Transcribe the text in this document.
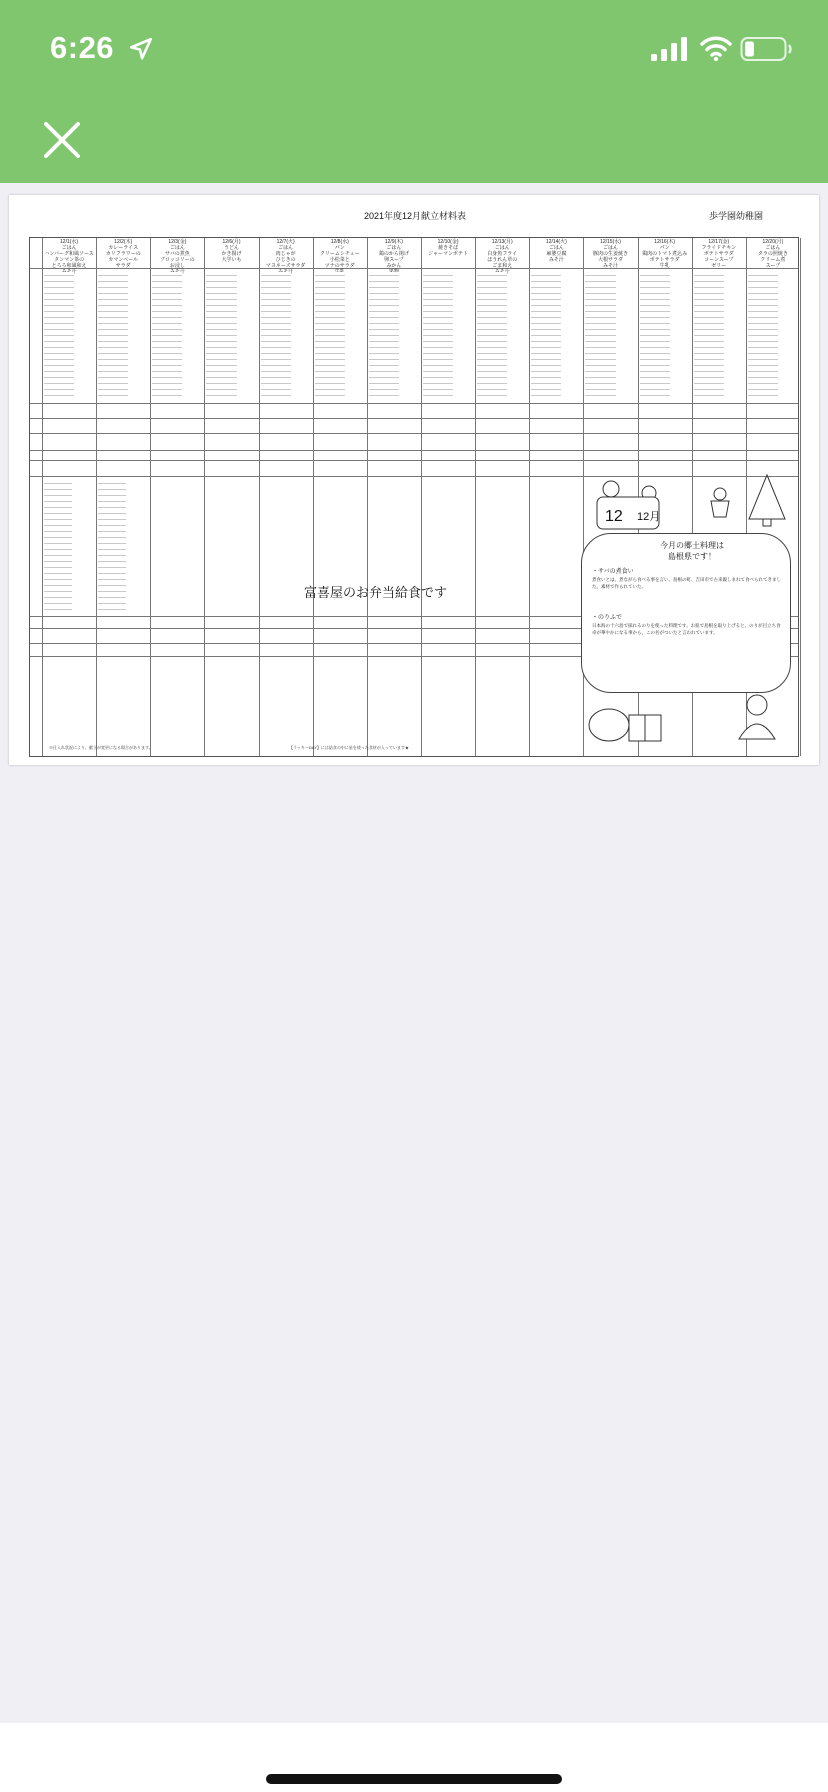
6:26
2021年度12月献立材料表	歩学園幼稚園
12/1(水)
ごはん
ハンバーグ和風ソース
タンマン茶の
とろろ和風和え

12/2(木)
カレーライス
カリフラワーの
カマンベール
サラダ
12/3(金)
ごはん
サバの煮魚
ブロッコリーの
お浸し

12/6(月)
うどん
かき揚げ
大学いも
12/7(火)
ごはん
肉じゃが
ひじきの
マヨネーズサラダ

12/8(水)
パン
クリームシチュー
小松菜と
ツナのサラダ

12/9(木)
ごはん
鶏のから揚げ
卵スープ
みかん

12/10(金)
焼きそば
ジャーマンポテト
12/13(月)
ごはん
白身魚フライ
ほうれん草の
ごま和え

12/14(火)
ごはん
麻婆豆腐
みそ汁
12/15(水)
ごはん
豚肉の生姜焼き
大根サラダ
みそ汁
12/16(木)
パン
鶏肉のトマト煮込み
ポテトサラダ
牛乳
12/17(金)
フライドチキン
ポテトサラダ
コーンスープ
ゼリー
12/20(月)
ごはん
タラの照焼き
クリーム煮
スープ
富喜屋のお弁当給食です
12 12月
今月の郷土料理は
島根県です！
・サバの煮食い
煮食いとは、煮ながら食べる事を言い、島根の町、吉田市で古来親しまれて食べられてきました。素材で作られていた。
・のりふで
日本海の十六島で採れるのりを使った料理です。お皿で島根を取り上げると、のりが目立ち食卓が華やかになる事から、この名がついたと言われています。
※仕入れ状況により、献立が変更になる場合があります。	【ラッキーDAY】には給食の中に星を使った食材が入っています★
